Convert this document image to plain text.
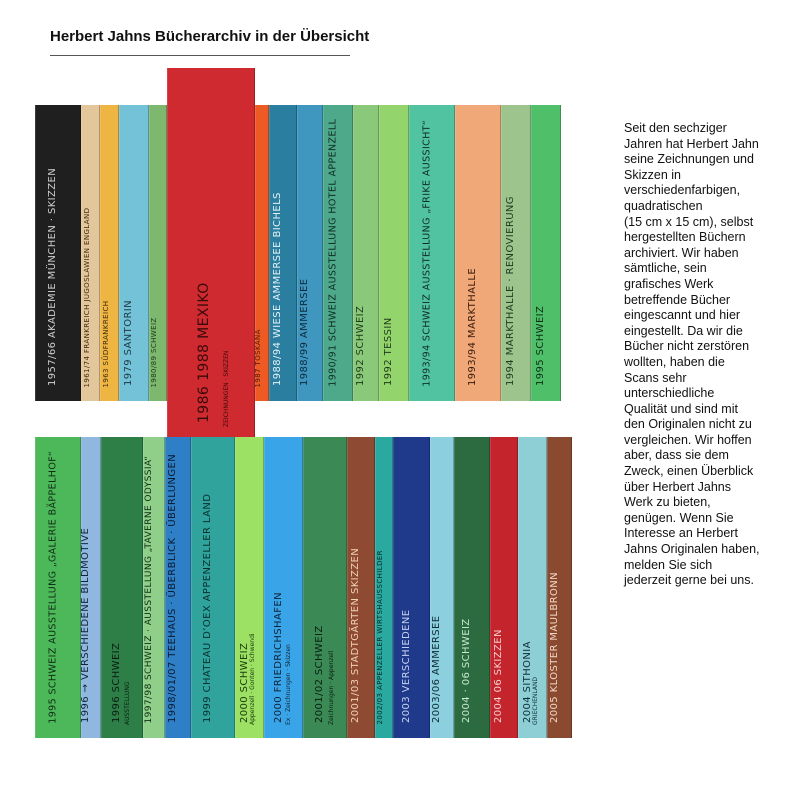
Herbert Jahns Bücherarchiv in der Übersicht
1957/66 AKADEMIE MÜNCHEN · SKIZZEN	1961/74 FRANKREICH JUGOSLAWIEN ENGLAND 1963 SÜDFRANKREICH 1979 SANTORIN 1980/89 SCHWEIZ	1986 1988 MEXIKO ZEICHNUNGEN · SKIZZEN	1987 TOSKANA 1988/94 WIESE AMMERSEE BICHELS 1988/99 AMMERSEE 1990/91 SCHWEIZ AUSSTELLUNG HOTEL APPENZELL 1992 SCHWEIZ 1992 TESSIN	1993/94 SCHWEIZ AUSSTELLUNG „FRIKE AUSSICHT“	1993/94 MARKTHALLE	1994 MARKTHALLE · RENOVIERUNG 1995 SCHWEIZ
1995 SCHWEIZ AUSSTELLUNG „GALERIE BÄPPELHOF“ 1996 → VERSCHIEDENE BILDMOTIVE 1996 SCHWEIZ AUSSTELLUNG 1997/98 SCHWEIZ · AUSSTELLUNG „TAVERNE ODYSSIA“ 1998/01/07 TEEHAUS · ÜBERBLICK · ÜBERLUNGEN 1999 CHATEAU D’OEX APPENZELLER LAND	2000 SCHWEIZ Appenzell · Gonten · Schwendi 2000 FRIEDRICHSHAFEN Ex · Zeichnungen · Skizzen 2001/02 SCHWEIZ Zeichnungen · Appenzell 2001/03 STADTGÄRTEN SKIZZEN 2002/03 APPENZELLER WIRTSHAUSSCHILDER 2003 VERSCHIEDENE 2003/06 AMMERSEE 2004 · 06 SCHWEIZ 2004 06 SKIZZEN 2004 SITHONIA GRIECHENLAND 2005 KLOSTER MAULBRONN

Seit den sechziger
Jahren hat Herbert Jahn
seine Zeichnungen und
Skizzen in
verschiedenfarbigen,
quadratischen
(15 cm x 15 cm), selbst
hergestellten Büchern
archiviert. Wir haben
sämtliche, sein
grafisches Werk
betreffende Bücher
eingescannt und hier
eingestellt. Da wir die
Bücher nicht zerstören
wollten, haben die
Scans sehr
unterschiedliche
Qualität und sind mit
den Originalen nicht zu
vergleichen. Wir hoffen
aber, dass sie dem
Zweck, einen Überblick
über Herbert Jahns
Werk zu bieten,
genügen. Wenn Sie
Interesse an Herbert
Jahns Originalen haben,
melden Sie sich
jederzeit gerne bei uns.
